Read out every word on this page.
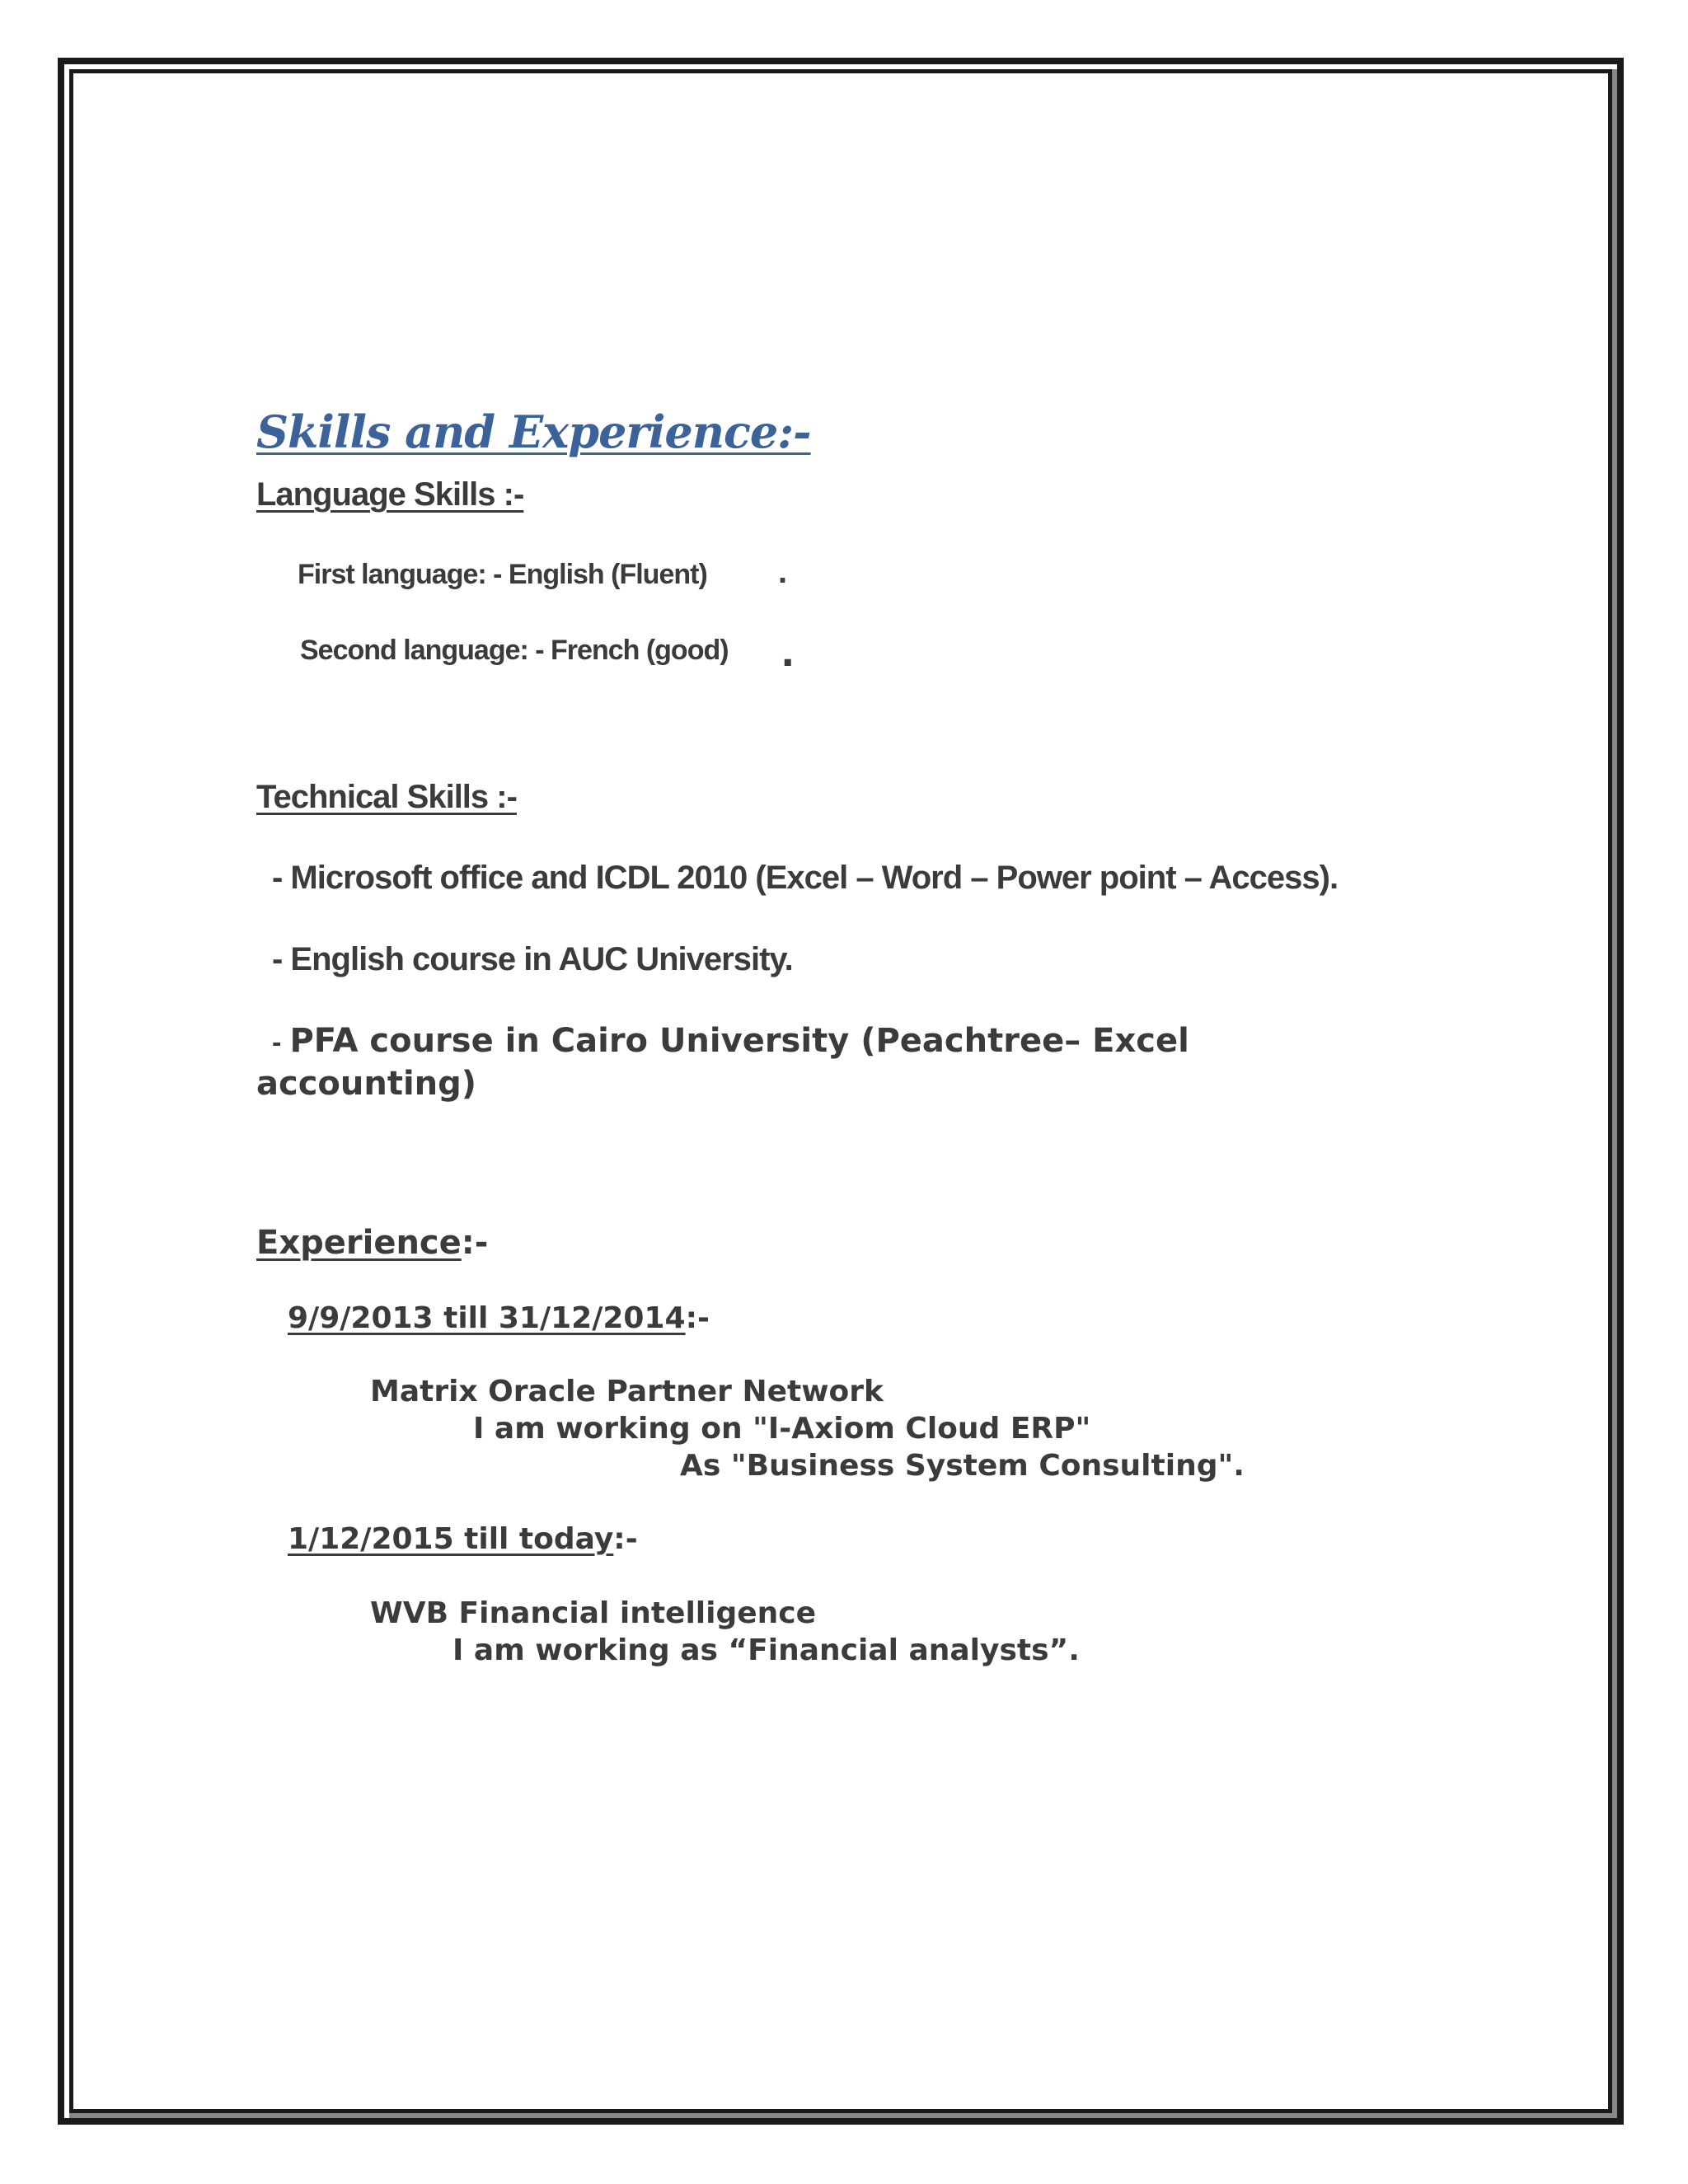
Skills and Experience:-
Language Skills :-
First language: - English (Fluent) .
Second language: - French (good) .
Technical Skills :-
- Microsoft office and ICDL 2010 (Excel – Word – Power point – Access).
- English course in AUC University.
- PFA course in Cairo University (Peachtree– Excel
accounting)
Experience:-
9/9/2013 till 31/12/2014:-
Matrix Oracle Partner Network
I am working on "I-Axiom Cloud ERP"
As "Business System Consulting".
1/12/2015 till today:-
WVB Financial intelligence
I am working as “Financial analysts”.
